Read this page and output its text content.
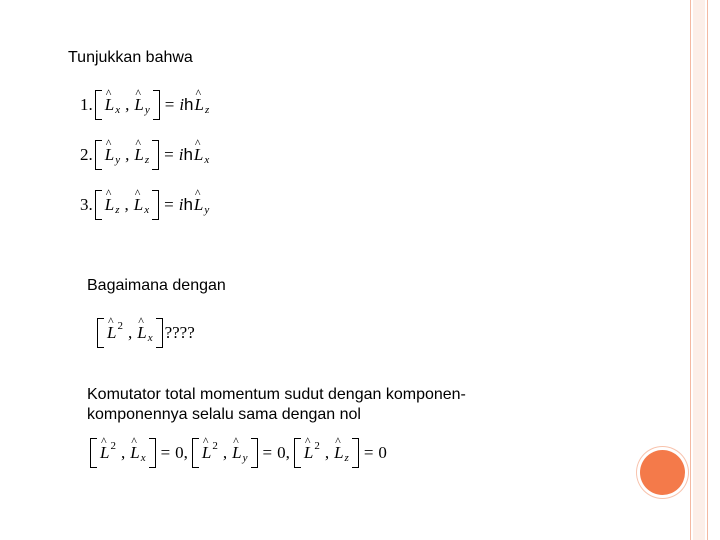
Tunjukkan bahwa
1. ^ L x , ^ L y = ih ^ L z
2. ^ L y , ^ L z = ih ^ L x
3. ^ L z , ^ L x = ih ^ L y
Bagaimana dengan
^ L 2 , ^ L x ????
Komutator total momentum sudut dengan komponen-
komponennya selalu sama dengan nol
^ L 2 , ^ L x = 0, ^ L 2 , ^ L y = 0, ^ L 2 , ^ L z = 0
